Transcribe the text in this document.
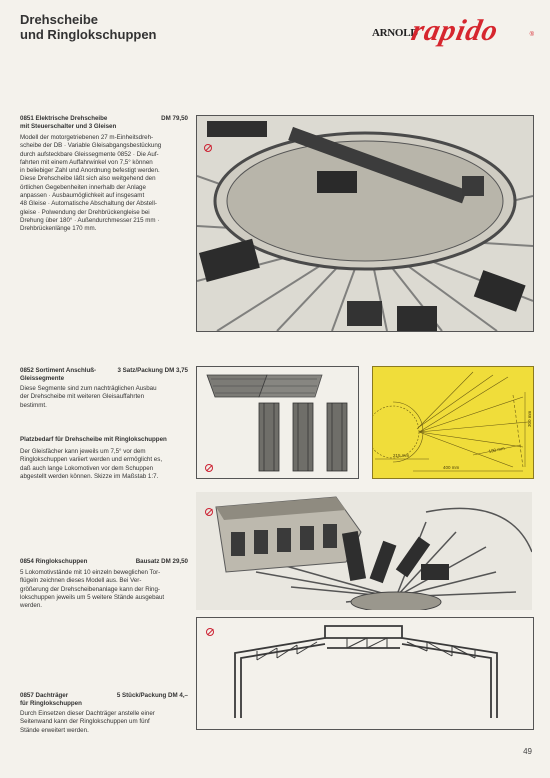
Drehscheibe
und Ringlokschuppen	ARNOLD
rapido	®
0851 Elektrische Drehscheibe
mit Steuerschalter und 3 Gleisen
DM 79,50
Modell der motorgetriebenen 27 m-Einheitsdreh-
scheibe der DB · Variable Gleisabgangsbestückung
durch aufsteckbare Gleissegmente 0852 · Die Auf-
fahrten mit einem Auffahrwinkel von 7,5° können
in beliebiger Zahl und Anordnung befestigt werden.
Diese Drehscheibe läßt sich also weitgehend den
örtlichen Gegebenheiten innerhalb der Anlage
anpassen · Ausbaumöglichkeit auf insgesamt
48 Gleise · Automatische Abschaltung der Abstell-
gleise · Polwendung der Drehbrückengleise bei
Drehung über 180° · Außendurchmesser 215 mm ·
Drehbrückenlänge 170 mm.
0852 Sortiment Anschluß-
Gleissegmente
3 Satz/Packung DM 3,75
Diese Segmente sind zum nachträglichen Ausbau
der Drehscheibe mit weiteren Gleisauffahrten
bestimmt.
Platzbedarf für Drehscheibe mit Ringlokschuppen
Der Gleisfächer kann jeweils um 7,5° vor dem
Ringlokschuppen variiert werden und ermöglicht es,
daß auch lange Lokomotiven vor dem Schuppen
abgestellt werden können. Skizze im Maßstab 1:7.
215 mm
400 mm
190 mm
300 mm
0854 Ringlokschuppen	Bausatz DM 29,50
5 Lokomotivstände mit 10 einzeln beweglichen Tor-
flügeln zeichnen dieses Modell aus. Bei Ver-
größerung der Drehscheibenanlage kann der Ring-
lokschuppen jeweils um 5 weitere Stände ausgebaut
werden.
0857 Dachträger
für Ringlokschuppen
5 Stück/Packung DM 4,–
Durch Einsetzen dieser Dachträger anstelle einer
Seitenwand kann der Ringlokschuppen um fünf
Stände erweitert werden.
49
